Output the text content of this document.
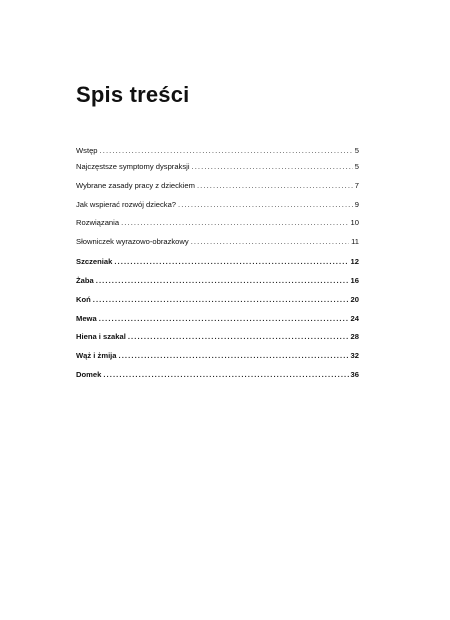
Spis treści
Wstęp .....	5
Najczęstsze symptomy dyspraksji .....	5
Wybrane zasady pracy z dzieckiem .....	7
Jak wspierać rozwój dziecka? .....	9
Rozwiązania .....	10
Słowniczek wyrazowo-obrazkowy .....	11
Szczeniak .....	12
Żaba .....	16
Koń .....	20
Mewa .....	24
Hiena i szakal .....	28
Wąż i żmija .....	32
Domek .....	36
